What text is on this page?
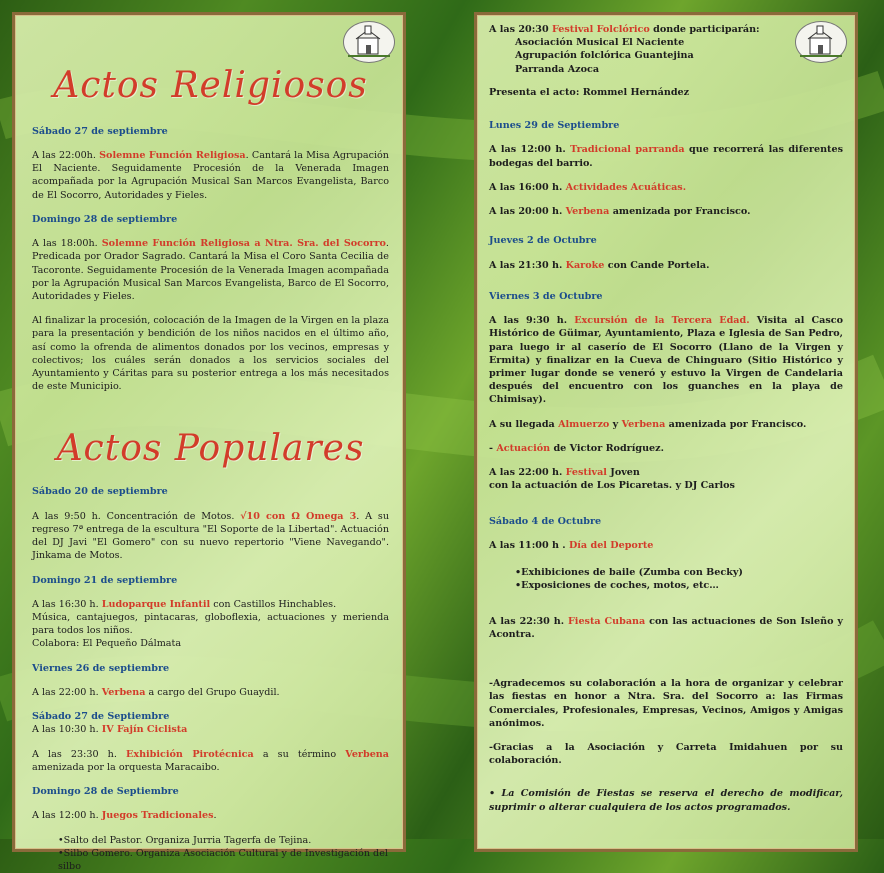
Actos Religiosos
Sábado 27 de septiembre

A las 22:00h. Solemne Función Religiosa. Cantará la Misa Agrupación El Naciente. Seguidamente Procesión de la Venerada Imagen acompañada por la Agrupación Musical San Marcos Evangelista, Barco de El Socorro, Autoridades y Fieles.

Domingo 28 de septiembre

A las 18:00h. Solemne Función Religiosa a Ntra. Sra. del Socorro. Predicada por Orador Sagrado. Cantará la Misa el Coro Santa Cecilia de Tacoronte. Seguidamente Procesión de la Venerada Imagen acompañada por la Agrupación Musical San Marcos Evangelista, Barco de El Socorro, Autoridades y Fieles.

Al finalizar la procesión, colocación de la Imagen de la Virgen en la plaza para la presentación y bendición de los niños nacidos en el último año, así como la ofrenda de alimentos donados por los vecinos, empresas y colectivos; los cuáles serán donados a los servicios sociales del Ayuntamiento y Cáritas para su posterior entrega a los más necesitados de este Municipio.

Actos Populares
Sábado 20 de septiembre

A las 9:50 h. Concentración de Motos. √10 con Ω Omega 3. A su regreso 7ª entrega de la escultura "El Soporte de la Libertad". Actuación del DJ Javi "El Gomero" con su nuevo repertorio "Viene Navegando". Jinkama de Motos.

Domingo 21 de septiembre

A las 16:30 h. Ludoparque Infantil con Castillos Hinchables.
Música, cantajuegos, pintacaras, globoflexia, actuaciones y merienda para todos los niños.
Colabora: El Pequeño Dálmata

Viernes 26 de septiembre

A las 22:00 h. Verbena a cargo del Grupo Guaydil.

Sábado 27 de Septiembre

A las 10:30 h. IV Fajín Ciclista

A las 23:30 h. Exhibición Pirotécnica a su término Verbena amenizada por la orquesta Maracaibo.

Domingo 28 de Septiembre

A las 12:00 h. Juegos Tradicionales.

•Salto del Pastor. Organiza Jurria Tagerfa de Tejina.
•Silbo Gomero. Organiza Asociación Cultural y de Investigación del silbo

A las 20:30 Festival Folclórico donde participarán:

Asociación Musical El Naciente
Agrupación folclórica Guantejina
Parranda Azoca

Presenta el acto: Rommel Hernández

Lunes 29 de Septiembre

A las 12:00 h. Tradicional parranda que recorrerá las diferentes bodegas del barrio.

A las 16:00 h. Actividades Acuáticas.

A las 20:00 h. Verbena amenizada por Francisco.

Jueves 2 de Octubre

A las 21:30 h. Karoke con Cande Portela.

Viernes 3 de Octubre

A las 9:30 h. Excursión de la Tercera Edad. Visita al Casco Histórico de Güimar, Ayuntamiento, Plaza e Iglesia de San Pedro, para luego ir al caserío de El Socorro (Llano de la Virgen y Ermita) y finalizar en la Cueva de Chinguaro (Sitio Histórico y primer lugar donde se veneró y estuvo la Virgen de Candelaria después del encuentro con los guanches en la playa de Chimisay).

A su llegada Almuerzo y Verbena amenizada por Francisco.

- Actuación de Victor Rodríguez.

A las 22:00 h. Festival Joven
con la actuación de Los Picaretas. y DJ Carlos

Sábado 4 de Octubre

A las 11:00 h . Día del Deporte

•Exhibiciones de baile (Zumba con Becky)
•Exposiciones de coches, motos, etc…

A las 22:30 h. Fiesta Cubana con las actuaciones de Son Isleño y Acontra.

-Agradecemos su colaboración a la hora de organizar y celebrar las fiestas en honor a Ntra. Sra. del Socorro a: las Firmas Comerciales, Profesionales, Empresas, Vecinos, Amigos y Amigas anónimos.

-Gracias a la Asociación y Carreta Imidahuen por su colaboración.

• La Comisión de Fiestas se reserva el derecho de modificar, suprimir o alterar cualquiera de los actos programados.
